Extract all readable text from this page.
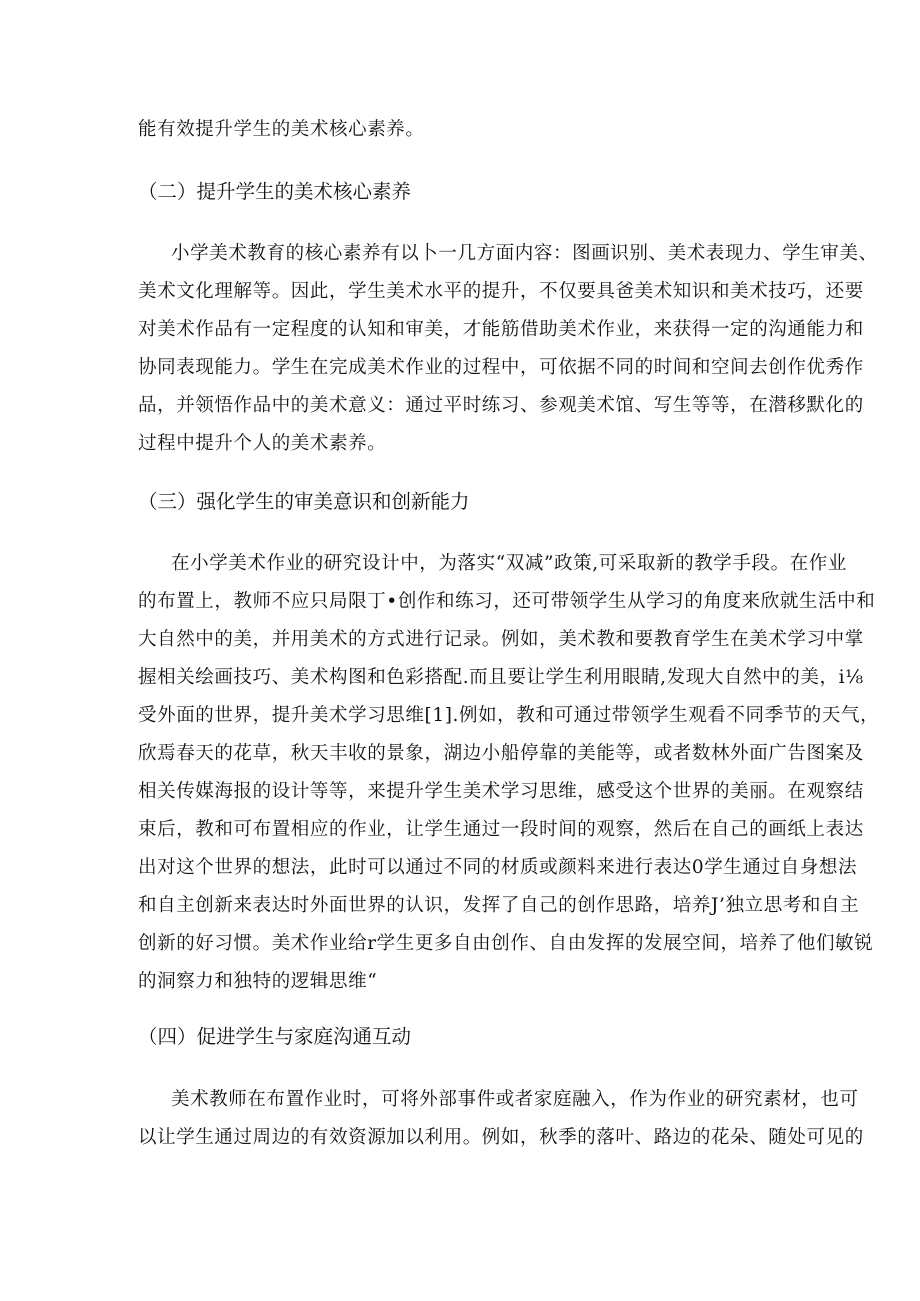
能有效提升学生的美术核心素养。
（二）提升学生的美术核心素养
小学美术教育的核心素养有以卜一几方面内容：图画识别、美术表现力、学生审美、
美术文化理解等。因此，学生美术水平的提升，不仅要具爸美术知识和美术技巧，还要
对美术作品有一定程度的认知和审美，才能筋借助美术作业，来获得一定的沟通能力和
协同表现能力。学生在完成美术作业的过程中，可依据不同的时间和空间去创作优秀作
品，并领悟作品中的美术意义：通过平时练习、参观美术馆、写生等等，在潜移默化的
过程中提升个人的美术素养。
（三）强化学生的审美意识和创新能力
在小学美术作业的研究设计中，为落实“双减”政策,可采取新的教学手段。在作业
的布置上，教师不应只局限丁•创作和练习，还可带领学生从学习的角度来欣就生活中和
大自然中的美，并用美术的方式进行记录。例如，美术教和要教育学生在美术学习中掌
握相关绘画技巧、美术构图和色彩搭配.而且要让学生利用眼睛,发现大自然中的美，i⅛
受外面的世界，提升美术学习思维[1].例如，教和可通过带领学生观看不同季节的天气，
欣焉春天的花草，秋天丰收的景象，湖边小船停靠的美能等，或者数林外面广告图案及
相关传媒海报的设计等等，来提升学生美术学习思维，感受这个世界的美丽。在观察结
束后，教和可布置相应的作业，让学生通过一段时间的观察，然后在自己的画纸上表达
出对这个世界的想法，此时可以通过不同的材质或颜料来进行表达0学生通过自身想法
和自主创新来表达时外面世界的认识，发挥了自己的创作思路，培养J’独立思考和自主
创新的好习惯。美术作业给r学生更多自由创作、自由发挥的发展空间，培养了他们敏锐
的洞察力和独特的逻辑思维“
（四）促进学生与家庭沟通互动
美术教师在布置作业时，可将外部事件或者家庭融入，作为作业的研究素材，也可
以让学生通过周边的有效资源加以利用。例如，秋季的落叶、路边的花朵、随处可见的
